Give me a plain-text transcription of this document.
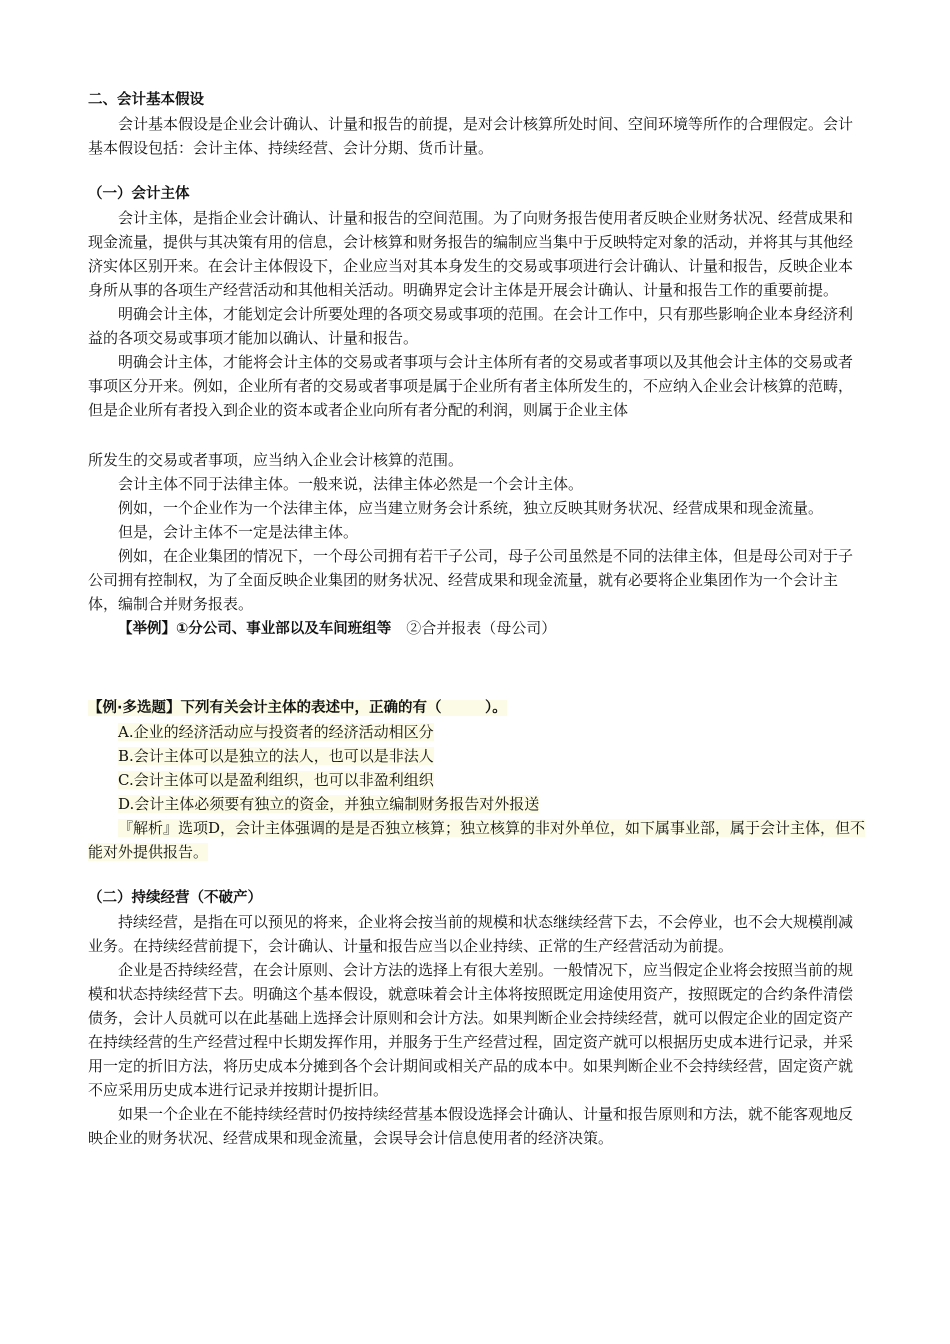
二、会计基本假设

会计基本假设是企业会计确认、计量和报告的前提，是对会计核算所处时间、空间环境等所作的合理假定。会计基本假设包括：会计主体、持续经营、会计分期、货币计量。

（一）会计主体

会计主体，是指企业会计确认、计量和报告的空间范围。为了向财务报告使用者反映企业财务状况、经营成果和现金流量，提供与其决策有用的信息，会计核算和财务报告的编制应当集中于反映特定对象的活动，并将其与其他经济实体区别开来。在会计主体假设下，企业应当对其本身发生的交易或事项进行会计确认、计量和报告，反映企业本身所从事的各项生产经营活动和其他相关活动。明确界定会计主体是开展会计确认、计量和报告工作的重要前提。

明确会计主体，才能划定会计所要处理的各项交易或事项的范围。在会计工作中，只有那些影响企业本身经济利益的各项交易或事项才能加以确认、计量和报告。

明确会计主体，才能将会计主体的交易或者事项与会计主体所有者的交易或者事项以及其他会计主体的交易或者事项区分开来。例如，企业所有者的交易或者事项是属于企业所有者主体所发生的，不应纳入企业会计核算的范畴，但是企业所有者投入到企业的资本或者企业向所有者分配的利润，则属于企业主体

所发生的交易或者事项，应当纳入企业会计核算的范围。

会计主体不同于法律主体。一般来说，法律主体必然是一个会计主体。

例如，一个企业作为一个法律主体，应当建立财务会计系统，独立反映其财务状况、经营成果和现金流量。

但是，会计主体不一定是法律主体。

例如，在企业集团的情况下，一个母公司拥有若干子公司，母子公司虽然是不同的法律主体，但是母公司对于子公司拥有控制权，为了全面反映企业集团的财务状况、经营成果和现金流量，就有必要将企业集团作为一个会计主体，编制合并财务报表。

【举例】①分公司、事业部以及车间班组等　 ②合并报表（母公司）

【例·多选题】下列有关会计主体的表述中，正确的有（　　　）。

A.企业的经济活动应与投资者的经济活动相区分

B.会计主体可以是独立的法人，也可以是非法人

C.会计主体可以是盈利组织，也可以非盈利组织

D.会计主体必须要有独立的资金，并独立编制财务报告对外报送

『解析』选项D，会计主体强调的是是否独立核算；独立核算的非对外单位，如下属事业部，属于会计主体，但不能对外提供报告。

（二）持续经营（不破产）

持续经营，是指在可以预见的将来，企业将会按当前的规模和状态继续经营下去，不会停业，也不会大规模削减业务。在持续经营前提下，会计确认、计量和报告应当以企业持续、正常的生产经营活动为前提。

企业是否持续经营，在会计原则、会计方法的选择上有很大差别。一般情况下，应当假定企业将会按照当前的规模和状态持续经营下去。明确这个基本假设，就意味着会计主体将按照既定用途使用资产，按照既定的合约条件清偿债务，会计人员就可以在此基础上选择会计原则和会计方法。如果判断企业会持续经营，就可以假定企业的固定资产在持续经营的生产经营过程中长期发挥作用，并服务于生产经营过程，固定资产就可以根据历史成本进行记录，并采用一定的折旧方法，将历史成本分摊到各个会计期间或相关产品的成本中。如果判断企业不会持续经营，固定资产就不应采用历史成本进行记录并按期计提折旧。

如果一个企业在不能持续经营时仍按持续经营基本假设选择会计确认、计量和报告原则和方法，就不能客观地反映企业的财务状况、经营成果和现金流量，会误导会计信息使用者的经济决策。
